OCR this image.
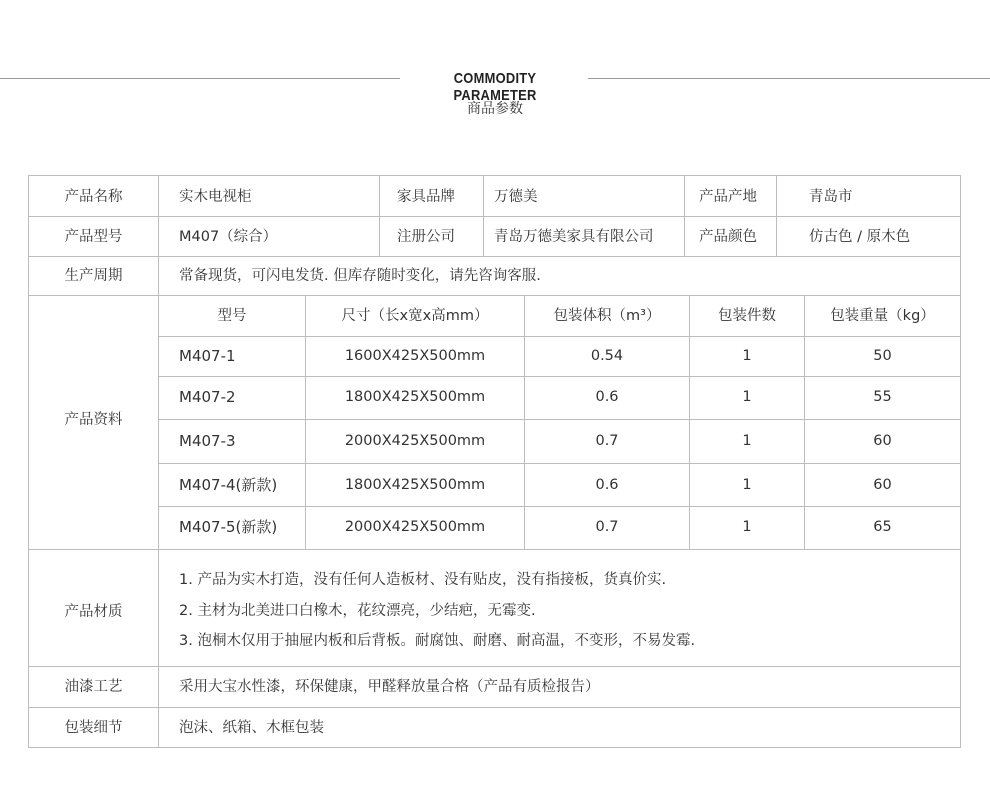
COMMODITY PARAMETER
商品参数
产品名称	实木电视柜	家具品牌	万德美	产品产地	青岛市
产品型号	M407（综合）	注册公司	青岛万德美家具有限公司	产品颜色	仿古色 / 原木色
生产周期	常备现货，可闪电发货. 但库存随时变化，请先咨询客服.
产品资料
型号	尺寸（长x宽x高mm）	包装体积（m³）	包装件数	包装重量（kg）
M407-1	1600X425X500mm	0.54	1	50
M407-2	1800X425X500mm	0.6	1	55
M407-3	2000X425X500mm	0.7	1	60
M407-4(新款)	1800X425X500mm	0.6	1	60
M407-5(新款)	2000X425X500mm	0.7	1	65
产品材质
1. 产品为实木打造，没有任何人造板材、没有贴皮，没有指接板，货真价实.
2. 主材为北美进口白橡木，花纹漂亮，少结疤，无霉变.
3. 泡桐木仅用于抽屉内板和后背板。耐腐蚀、耐磨、耐高温，不变形，不易发霉.
油漆工艺	采用大宝水性漆，环保健康，甲醛释放量合格（产品有质检报告）
包装细节	泡沫、纸箱、木框包装
